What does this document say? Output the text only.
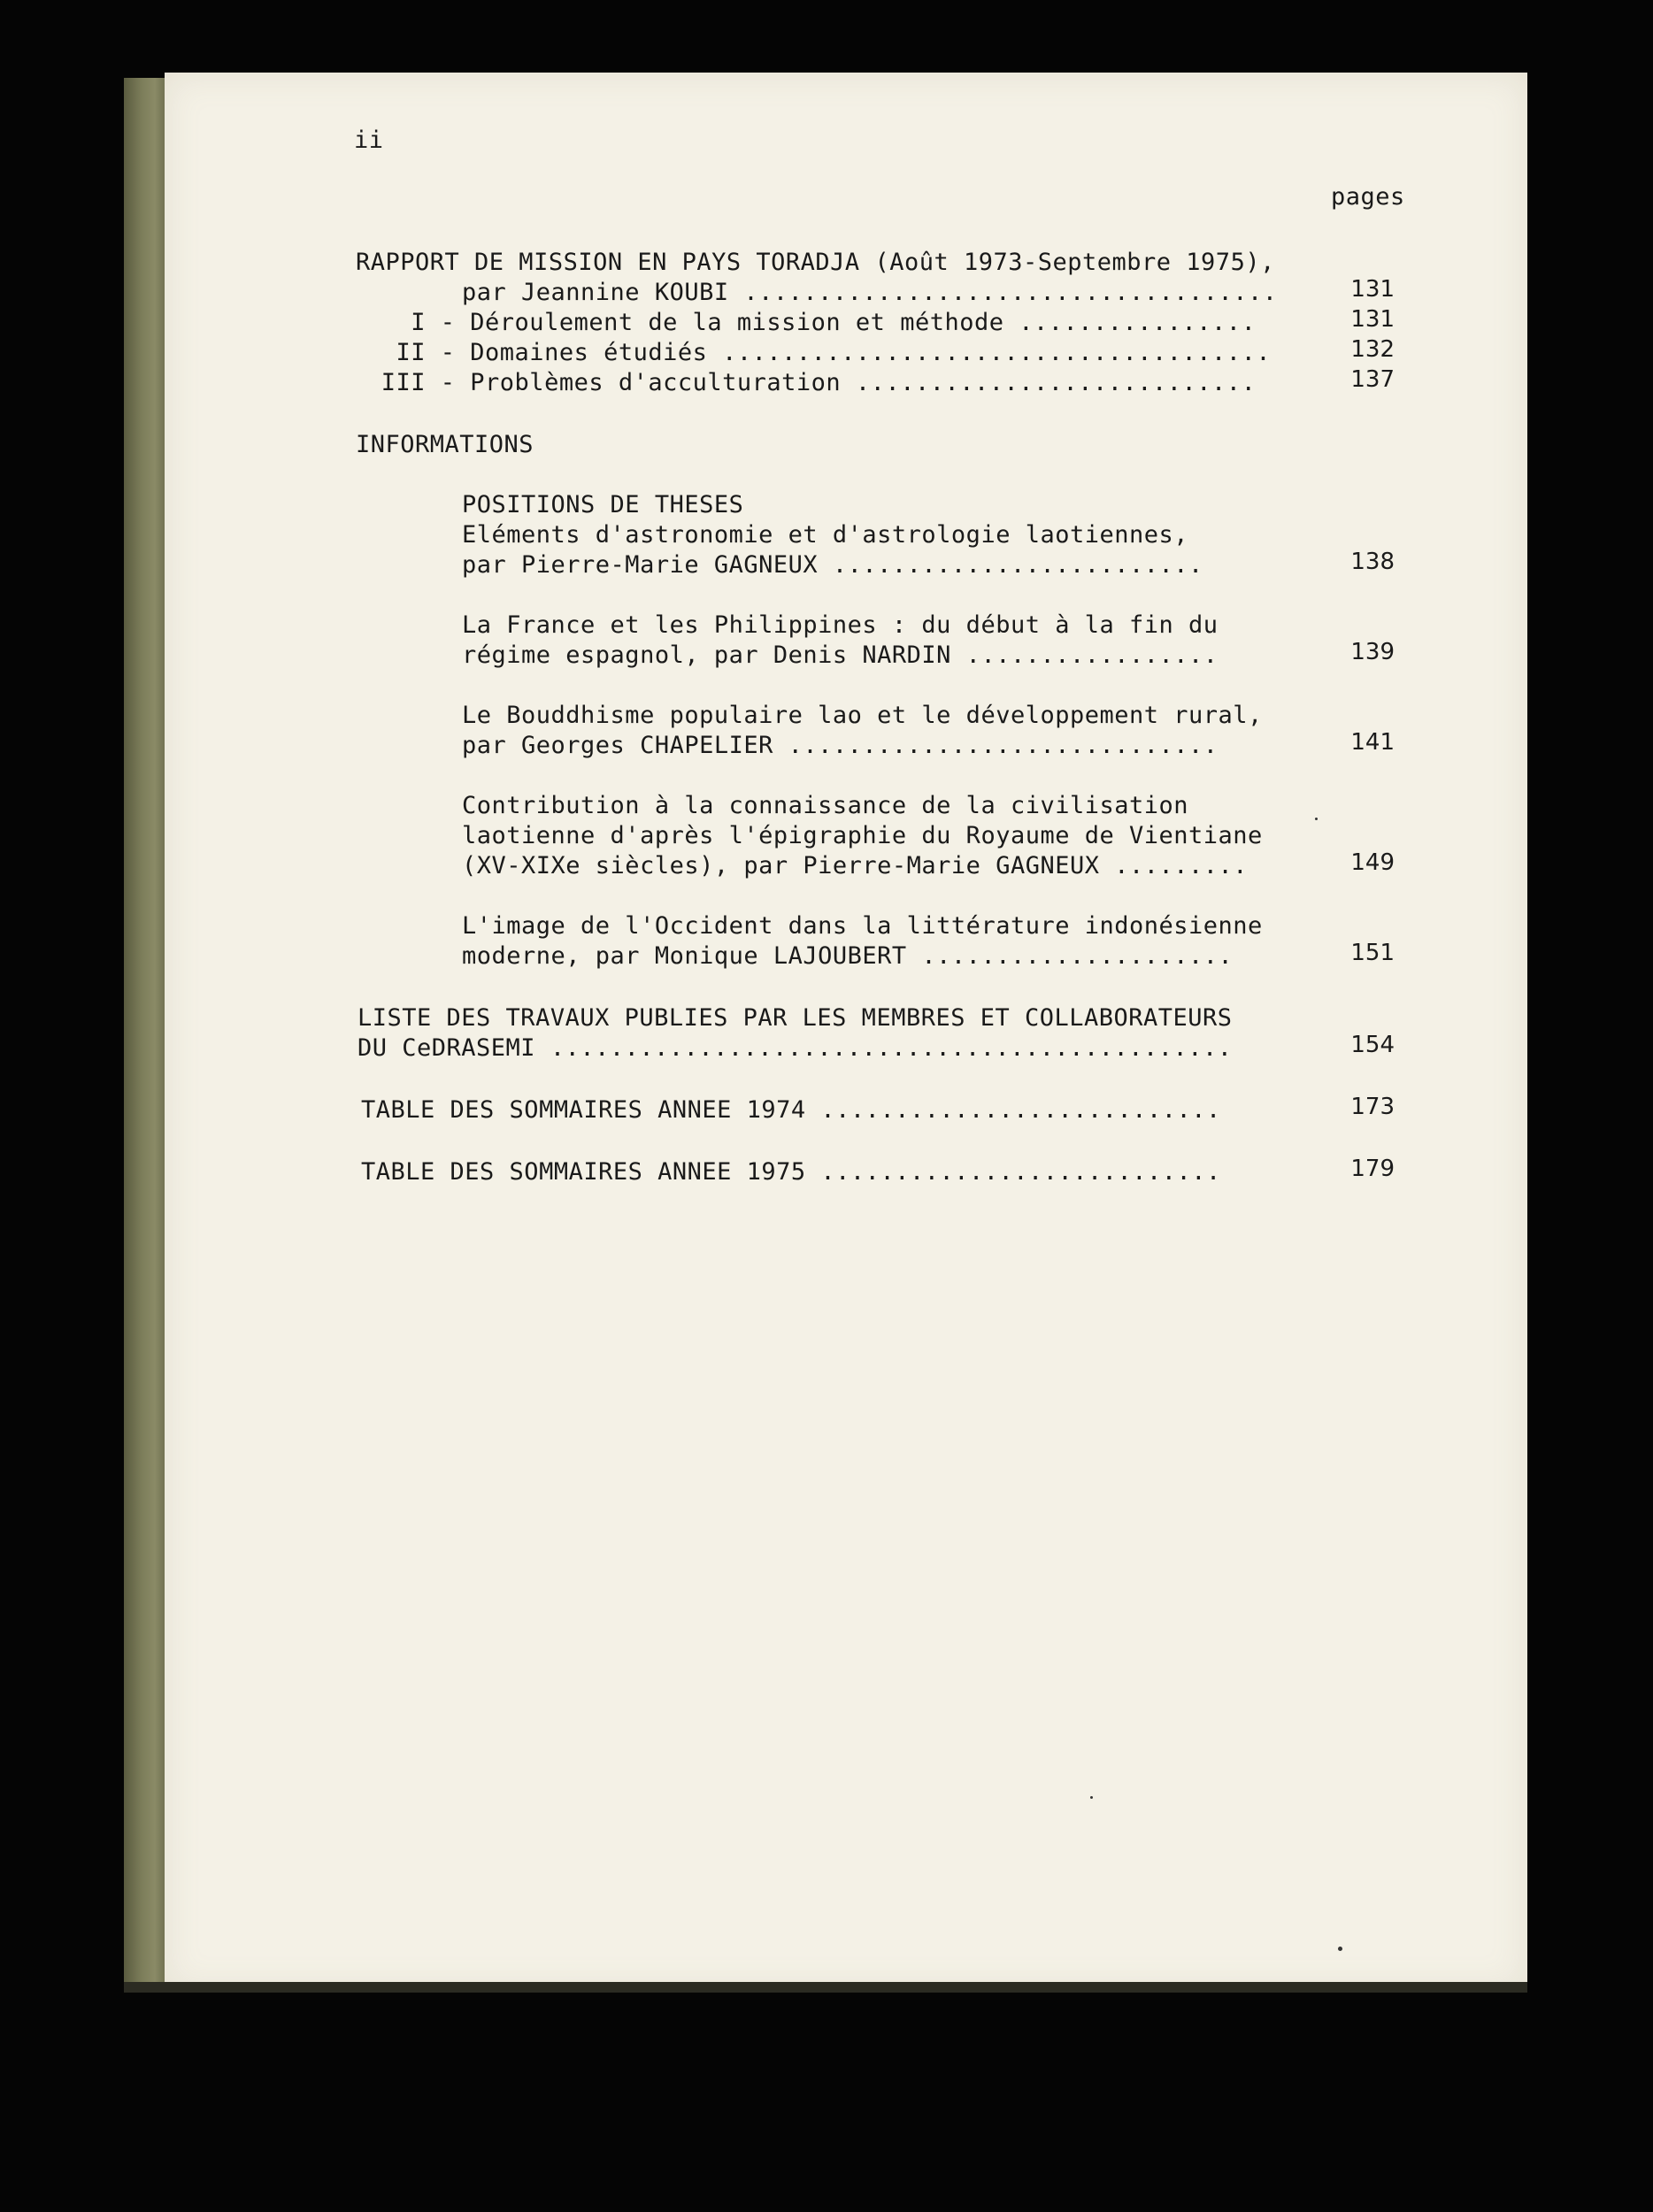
ii
pages
RAPPORT DE MISSION EN PAYS TORADJA (Août 1973-Septembre 1975),
par Jeannine KOUBI ....................................	131
I - Déroulement de la mission et méthode ................	131
II - Domaines étudiés .....................................	132
III - Problèmes d'acculturation ...........................	137
INFORMATIONS
POSITIONS DE THESES
Eléments d'astronomie et d'astrologie laotiennes,
par Pierre-Marie GAGNEUX .........................	138
La France et les Philippines : du début à la fin du
régime espagnol, par Denis NARDIN .................	139
Le Bouddhisme populaire lao et le développement rural,
par Georges CHAPELIER .............................	141
Contribution à la connaissance de la civilisation
laotienne d'après l'épigraphie du Royaume de Vientiane
(XV-XIXe siècles), par Pierre-Marie GAGNEUX .........	149
L'image de l'Occident dans la littérature indonésienne
moderne, par Monique LAJOUBERT .....................	151
LISTE DES TRAVAUX PUBLIES PAR LES MEMBRES ET COLLABORATEURS
DU CeDRASEMI ..............................................	154
TABLE DES SOMMAIRES ANNEE 1974 ...........................	173
TABLE DES SOMMAIRES ANNEE 1975 ...........................	179
